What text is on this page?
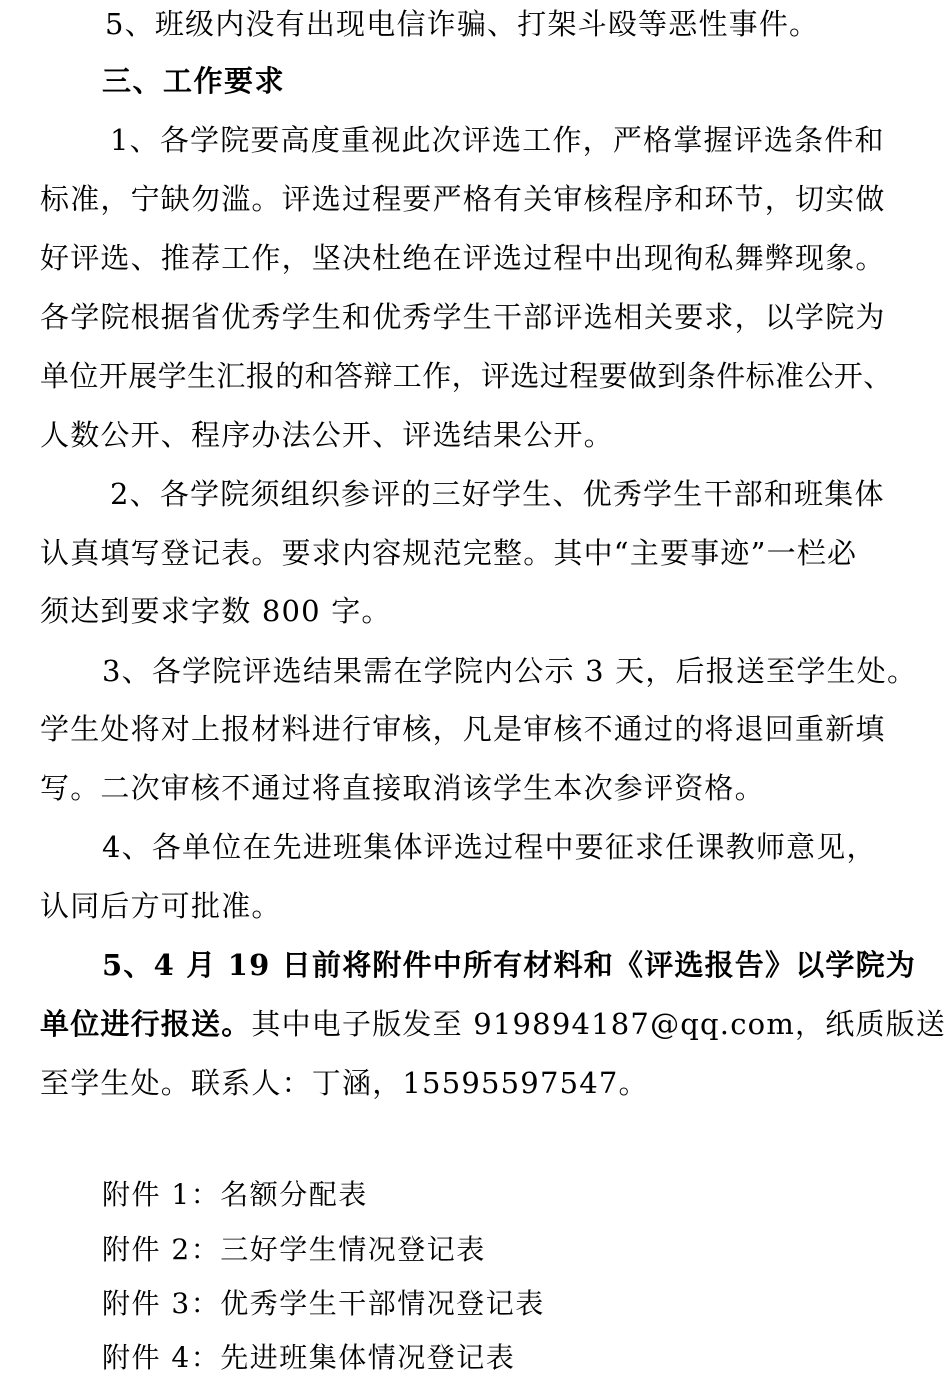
5、班级内没有出现电信诈骗、打架斗殴等恶性事件。
三、工作要求
1、各学院要高度重视此次评选工作，严格掌握评选条件和
标准，宁缺勿滥。评选过程要严格有关审核程序和环节，切实做
好评选、推荐工作，坚决杜绝在评选过程中出现徇私舞弊现象。
各学院根据省优秀学生和优秀学生干部评选相关要求，以学院为
单位开展学生汇报的和答辩工作，评选过程要做到条件标准公开、
人数公开、程序办法公开、评选结果公开。
2、各学院须组织参评的三好学生、优秀学生干部和班集体
认真填写登记表。要求内容规范完整。其中“主要事迹”一栏必
须达到要求字数 800 字。
3、各学院评选结果需在学院内公示 3 天，后报送至学生处。
学生处将对上报材料进行审核，凡是审核不通过的将退回重新填
写。二次审核不通过将直接取消该学生本次参评资格。
4、各单位在先进班集体评选过程中要征求任课教师意见，
认同后方可批准。
5、4 月 19 日前将附件中所有材料和《评选报告》以学院为
单位进行报送。其中电子版发至 919894187@qq.com，纸质版送
至学生处。联系人：丁涵，15595597547。
附件 1：名额分配表
附件 2：三好学生情况登记表
附件 3：优秀学生干部情况登记表
附件 4：先进班集体情况登记表
